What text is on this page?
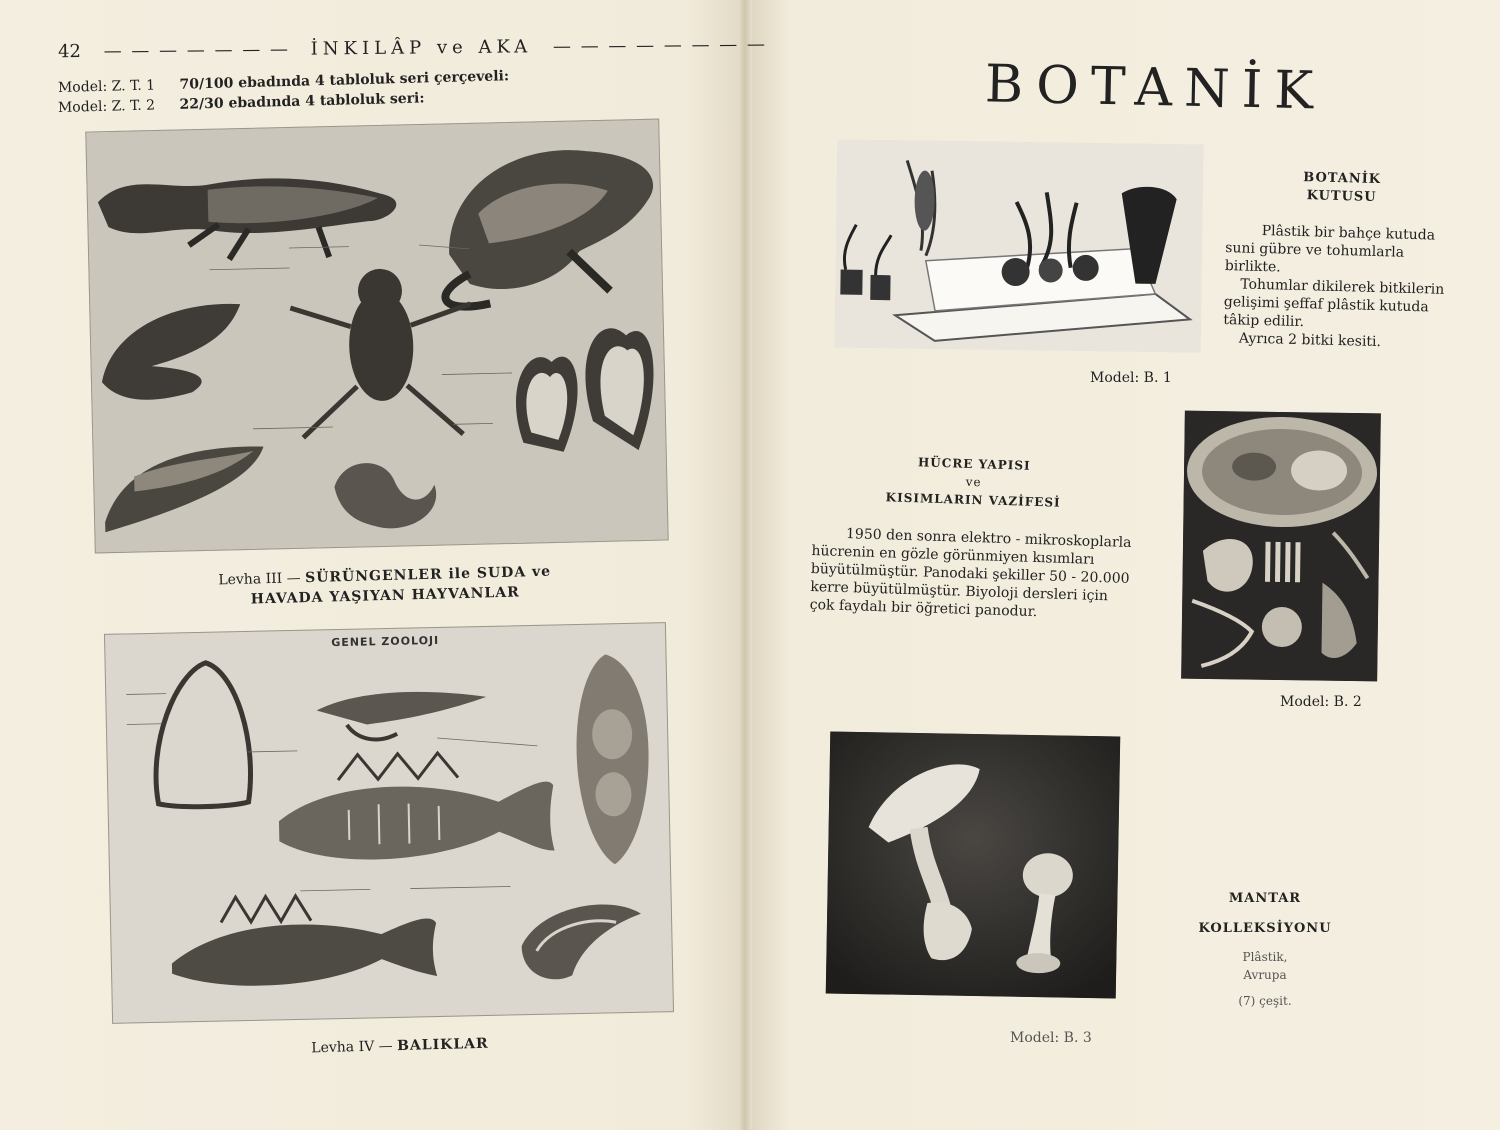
42 — — — — — — — İNKILÂP ve AKA — — — — — — — —
Model: Z. T. 1 70/100 ebadında 4 tabloluk seri çerçeveli:
Model: Z. T. 2 22/30 ebadında 4 tabloluk seri:
Levha III — SÜRÜNGENLER ile SUDA ve
HAVADA YAŞIYAN HAYVANLAR
GENEL ZOOLOJI
Levha IV — BALIKLAR
BOTANİK
BOTANİK
KUTUSU

Plâstik bir bahçe kutuda suni gübre ve tohumlarla birlikte.

Tohumlar dikilerek bitkilerin gelişimi şeffaf plâstik kutuda tâkip edilir.

Ayrıca 2 bitki kesiti.

Model: B. 1
HÜCRE YAPISI
ve
KISIMLARIN VAZİFESİ

1950 den sonra elektro - mikroskoplarla hücrenin en gözle görünmiyen kısımları büyütülmüştür. Panodaki şekiller 50 - 20.000 kerre büyütülmüştür. Biyoloji dersleri için çok faydalı bir öğretici panodur.

Model: B. 2
MANTAR
KOLLEKSİYONU
Plâstik,
Avrupa
(7) çeşit.
Model: B. 3
